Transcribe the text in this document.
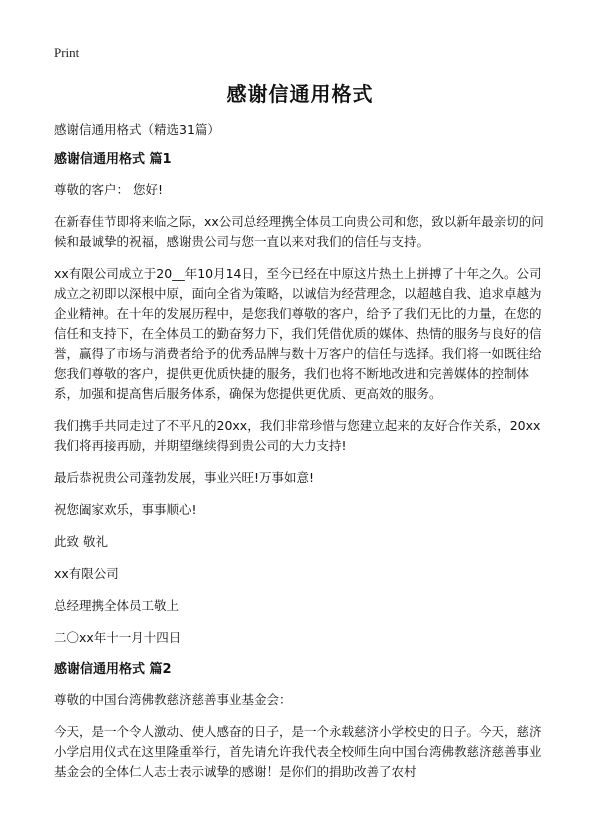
Print
感谢信通用格式

感谢信通用格式（精选31篇）

感谢信通用格式 篇1

尊敬的客户： 您好!

在新春佳节即将来临之际，xx公司总经理携全体员工向贵公司和您，致以新年最亲切的问候和最诚挚的祝福，感谢贵公司与您一直以来对我们的信任与支持。

xx有限公司成立于20__年10月14日，至今已经在中原这片热土上拼搏了十年之久。公司成立之初即以深根中原，面向全省为策略，以诚信为经营理念，以超越自我、追求卓越为企业精神。在十年的发展历程中，是您我们尊敬的客户，给予了我们无比的力量，在您的信任和支持下，在全体员工的勤奋努力下，我们凭借优质的媒体、热情的服务与良好的信誉，赢得了市场与消费者给予的优秀品牌与数十万客户的信任与选择。我们将一如既往给您我们尊敬的客户，提供更优质快捷的服务，我们也将不断地改进和完善媒体的控制体系，加强和提高售后服务体系，确保为您提供更优质、更高效的服务。

我们携手共同走过了不平凡的20xx，我们非常珍惜与您建立起来的友好合作关系，20xx我们将再接再励，并期望继续得到贵公司的大力支持!

最后恭祝贵公司蓬勃发展，事业兴旺!万事如意!

祝您阖家欢乐，事事顺心!

此致 敬礼

xx有限公司

总经理携全体员工敬上

二〇xx年十一月十四日

感谢信通用格式 篇2

尊敬的中国台湾佛教慈济慈善事业基金会：

今天，是一个令人激动、使人感奋的日子，是一个永载慈济小学校史的日子。今天，慈济小学启用仪式在这里隆重举行，首先请允许我代表全校师生向中国台湾佛教慈济慈善事业基金会的全体仁人志士表示诚挚的感谢！是你们的捐助改善了农村
